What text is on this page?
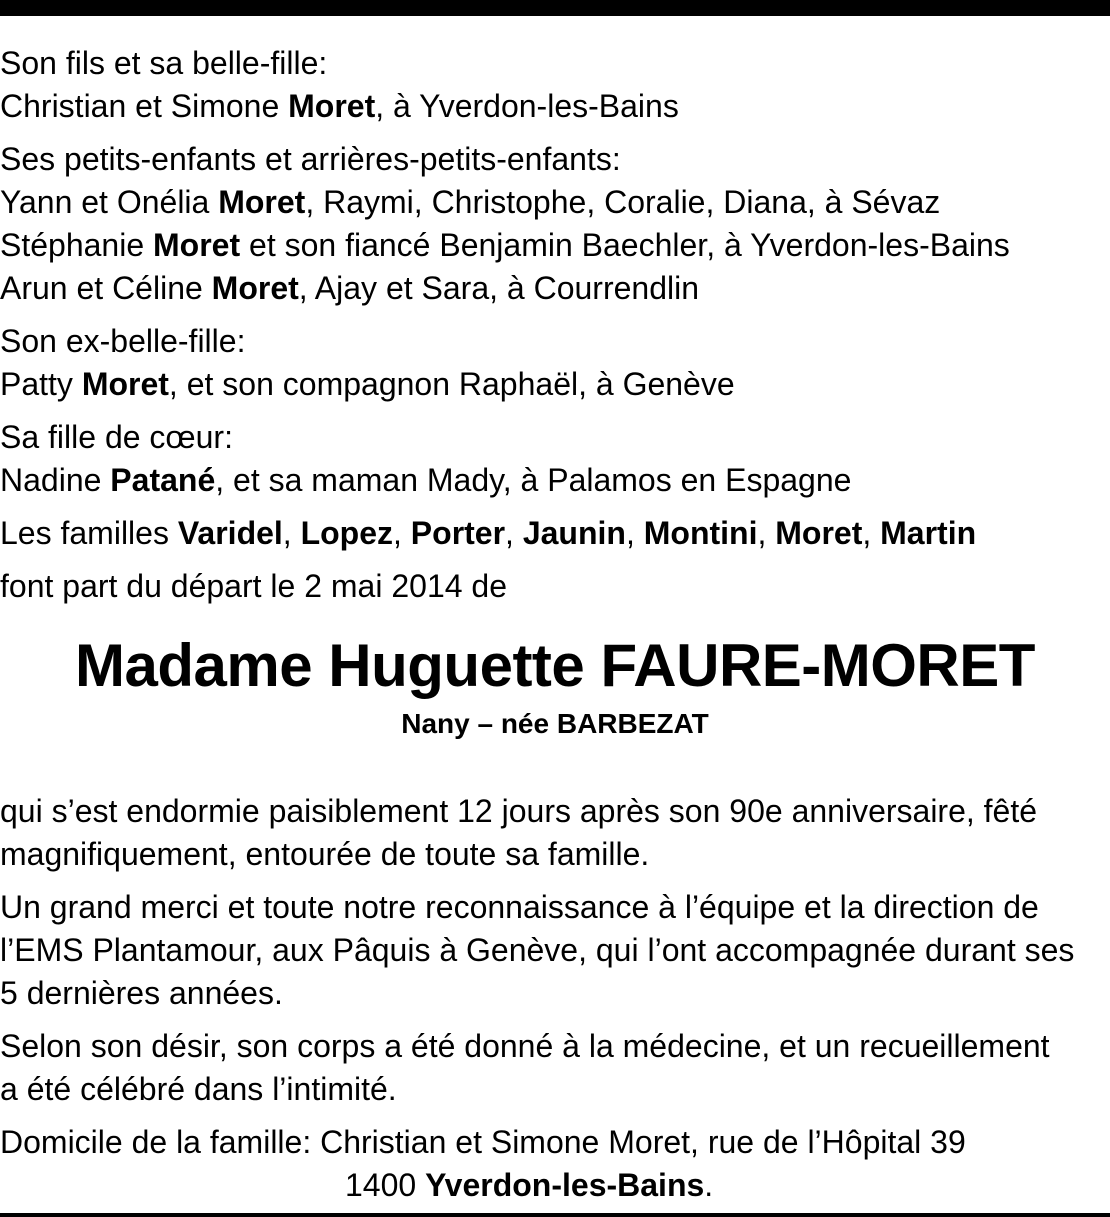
Son fils et sa belle-fille:
Christian et Simone Moret, à Yverdon-les-Bains
Ses petits-enfants et arrières-petits-enfants:
Yann et Onélia Moret, Raymi, Christophe, Coralie, Diana, à Sévaz
Stéphanie Moret et son fiancé Benjamin Baechler, à Yverdon-les-Bains
Arun et Céline Moret, Ajay et Sara, à Courrendlin
Son ex-belle-fille:
Patty Moret, et son compagnon Raphaël, à Genève
Sa fille de cœur:
Nadine Patané, et sa maman Mady, à Palamos en Espagne
Les familles Varidel, Lopez, Porter, Jaunin, Montini, Moret, Martin
font part du départ le 2 mai 2014 de
Madame Huguette FAURE-MORET
Nany – née BARBEZAT
qui s’est endormie paisiblement 12 jours après son 90e anniversaire, fêté
magnifiquement, entourée de toute sa famille.
Un grand merci et toute notre reconnaissance à l’équipe et la direction de
l’EMS Plantamour, aux Pâquis à Genève, qui l’ont accompagnée durant ses
5 dernières années.
Selon son désir, son corps a été donné à la médecine, et un recueillement
a été célébré dans l’intimité.
Domicile de la famille: Christian et Simone Moret, rue de l’Hôpital 39
1400 Yverdon-les-Bains.
